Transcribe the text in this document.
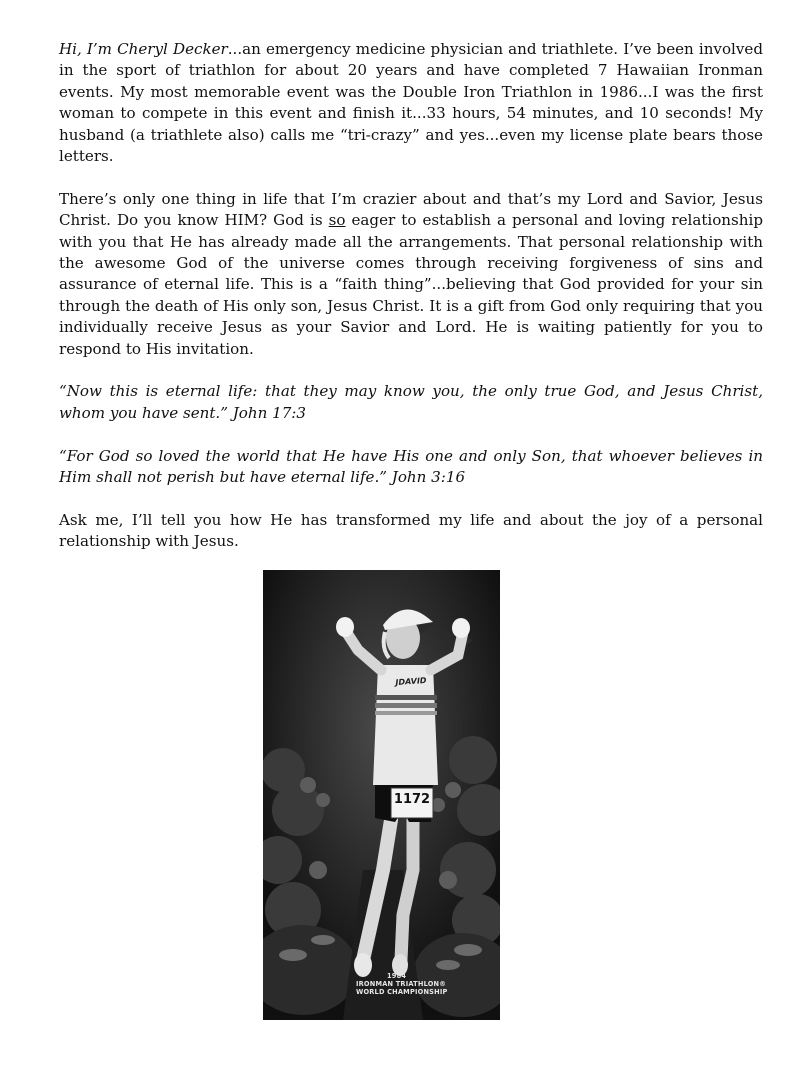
Hi, I’m Cheryl Decker...an emergency medicine physician and triathlete. I’ve been involved in the sport of triathlon for about 20 years and have completed 7 Hawaiian Ironman events. My most memorable event was the Double Iron Triathlon in 1986...I was the first woman to compete in this event and finish it...33 hours, 54 minutes, and 10 seconds! My husband (a triathlete also) calls me “tri-crazy” and yes...even my license plate bears those letters.

There’s only one thing in life that I’m crazier about and that’s my Lord and Savior, Jesus Christ. Do you know HIM? God is so eager to establish a personal and loving relationship with you that He has already made all the arrangements. That personal relationship with the awesome God of the universe comes through receiving forgiveness of sins and assurance of eternal life. This is a “faith thing”...believing that God provided for your sin through the death of His only son, Jesus Christ. It is a gift from God only requiring that you individually receive Jesus as your Savior and Lord. He is waiting patiently for you to respond to His invitation.

“Now this is eternal life: that they may know you, the only true God, and Jesus Christ, whom you have sent.” John 17:3

“For God so loved the world that He have His one and only Son, that whoever believes in Him shall not perish but have eternal life.” John 3:16

Ask me, I’ll tell you how He has transformed my life and about the joy of a personal relationship with Jesus.

JDAVID
1172
1984
IRONMAN TRIATHLON®
WORLD CHAMPIONSHIP
